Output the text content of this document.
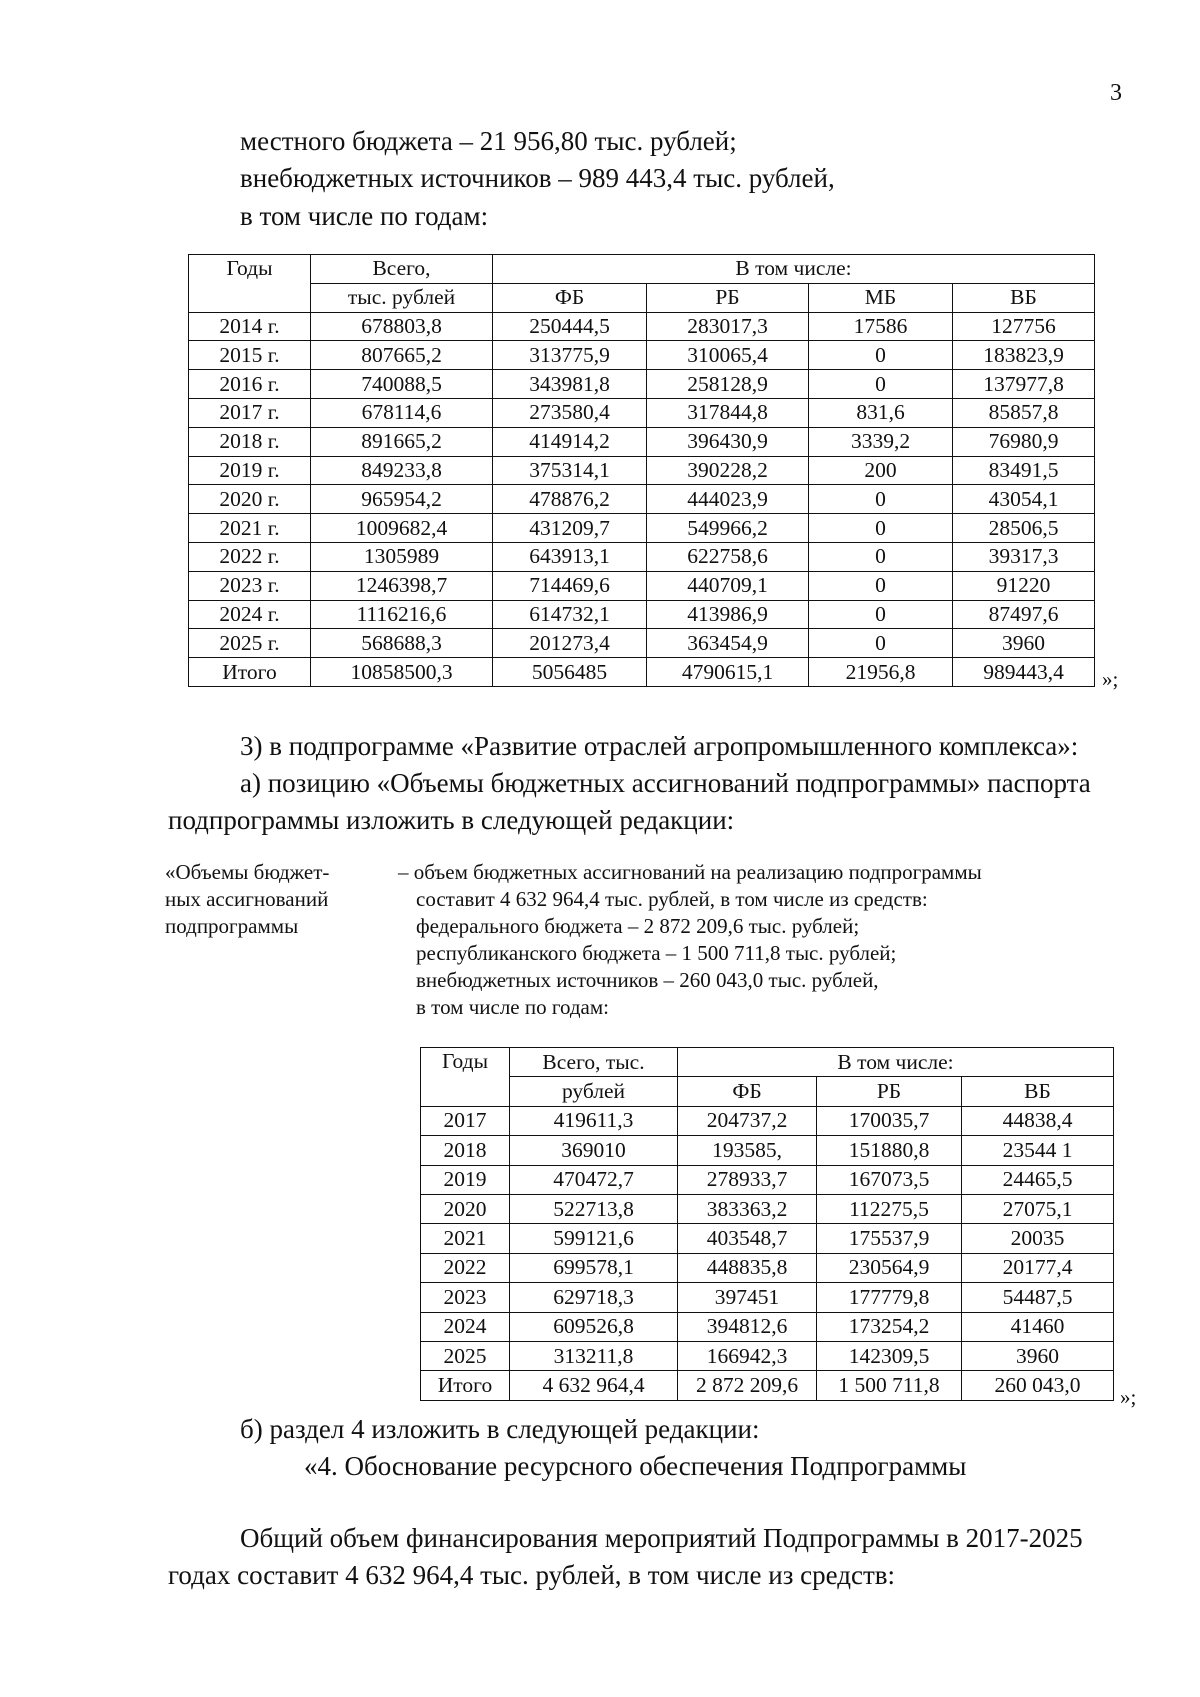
3
местного бюджета – 21 956,80 тыс. рублей;
внебюджетных источников – 989 443,4 тыс. рублей,
в том числе по годам:
Годы	Всего,	В том числе:			
	тыс. рублей	ФБ	РБ	МБ	ВБ
2014 г.	678803,8	250444,5	283017,3	17586	127756
2015 г.	807665,2	313775,9	310065,4	0	183823,9
2016 г.	740088,5	343981,8	258128,9	0	137977,8
2017 г.	678114,6	273580,4	317844,8	831,6	85857,8
2018 г.	891665,2	414914,2	396430,9	3339,2	76980,9
2019 г.	849233,8	375314,1	390228,2	200	83491,5
2020 г.	965954,2	478876,2	444023,9	0	43054,1
2021 г.	1009682,4	431209,7	549966,2	0	28506,5
2022 г.	1305989	643913,1	622758,6	0	39317,3
2023 г.	1246398,7	714469,6	440709,1	0	91220
2024 г.	1116216,6	614732,1	413986,9	0	87497,6
2025 г.	568688,3	201273,4	363454,9	0	3960
Итого	10858500,3	5056485	4790615,1	21956,8	989443,4 »;
3) в подпрограмме «Развитие отраслей агропромышленного комплекса»:
а) позицию «Объемы бюджетных ассигнований подпрограммы» паспорта
подпрограммы изложить в следующей редакции:
«Объемы бюджет-
ных ассигнований
подпрограммы
– объем бюджетных ассигнований на реализацию подпрограммы
составит 4 632 964,4 тыс. рублей, в том числе из средств:
федерального бюджета – 2 872 209,6 тыс. рублей;
республиканского бюджета – 1 500 711,8 тыс. рублей;
внебюджетных источников – 260 043,0 тыс. рублей,
в том числе по годам:
Годы	Всего, тыс.	В том числе:		
	рублей	ФБ	РБ	ВБ
2017	419611,3	204737,2	170035,7	44838,4
2018	369010	193585,	151880,8	23544 1
2019	470472,7	278933,7	167073,5	24465,5
2020	522713,8	383363,2	112275,5	27075,1
2021	599121,6	403548,7	175537,9	20035
2022	699578,1	448835,8	230564,9	20177,4
2023	629718,3	397451	177779,8	54487,5
2024	609526,8	394812,6	173254,2	41460
2025	313211,8	166942,3	142309,5	3960
Итого	4 632 964,4	2 872 209,6	1 500 711,8	260 043,0
»;
б) раздел 4 изложить в следующей редакции:
«4. Обоснование ресурсного обеспечения Подпрограммы
Общий объем финансирования мероприятий Подпрограммы в 2017-2025
годах составит 4 632 964,4 тыс. рублей, в том числе из средств:
